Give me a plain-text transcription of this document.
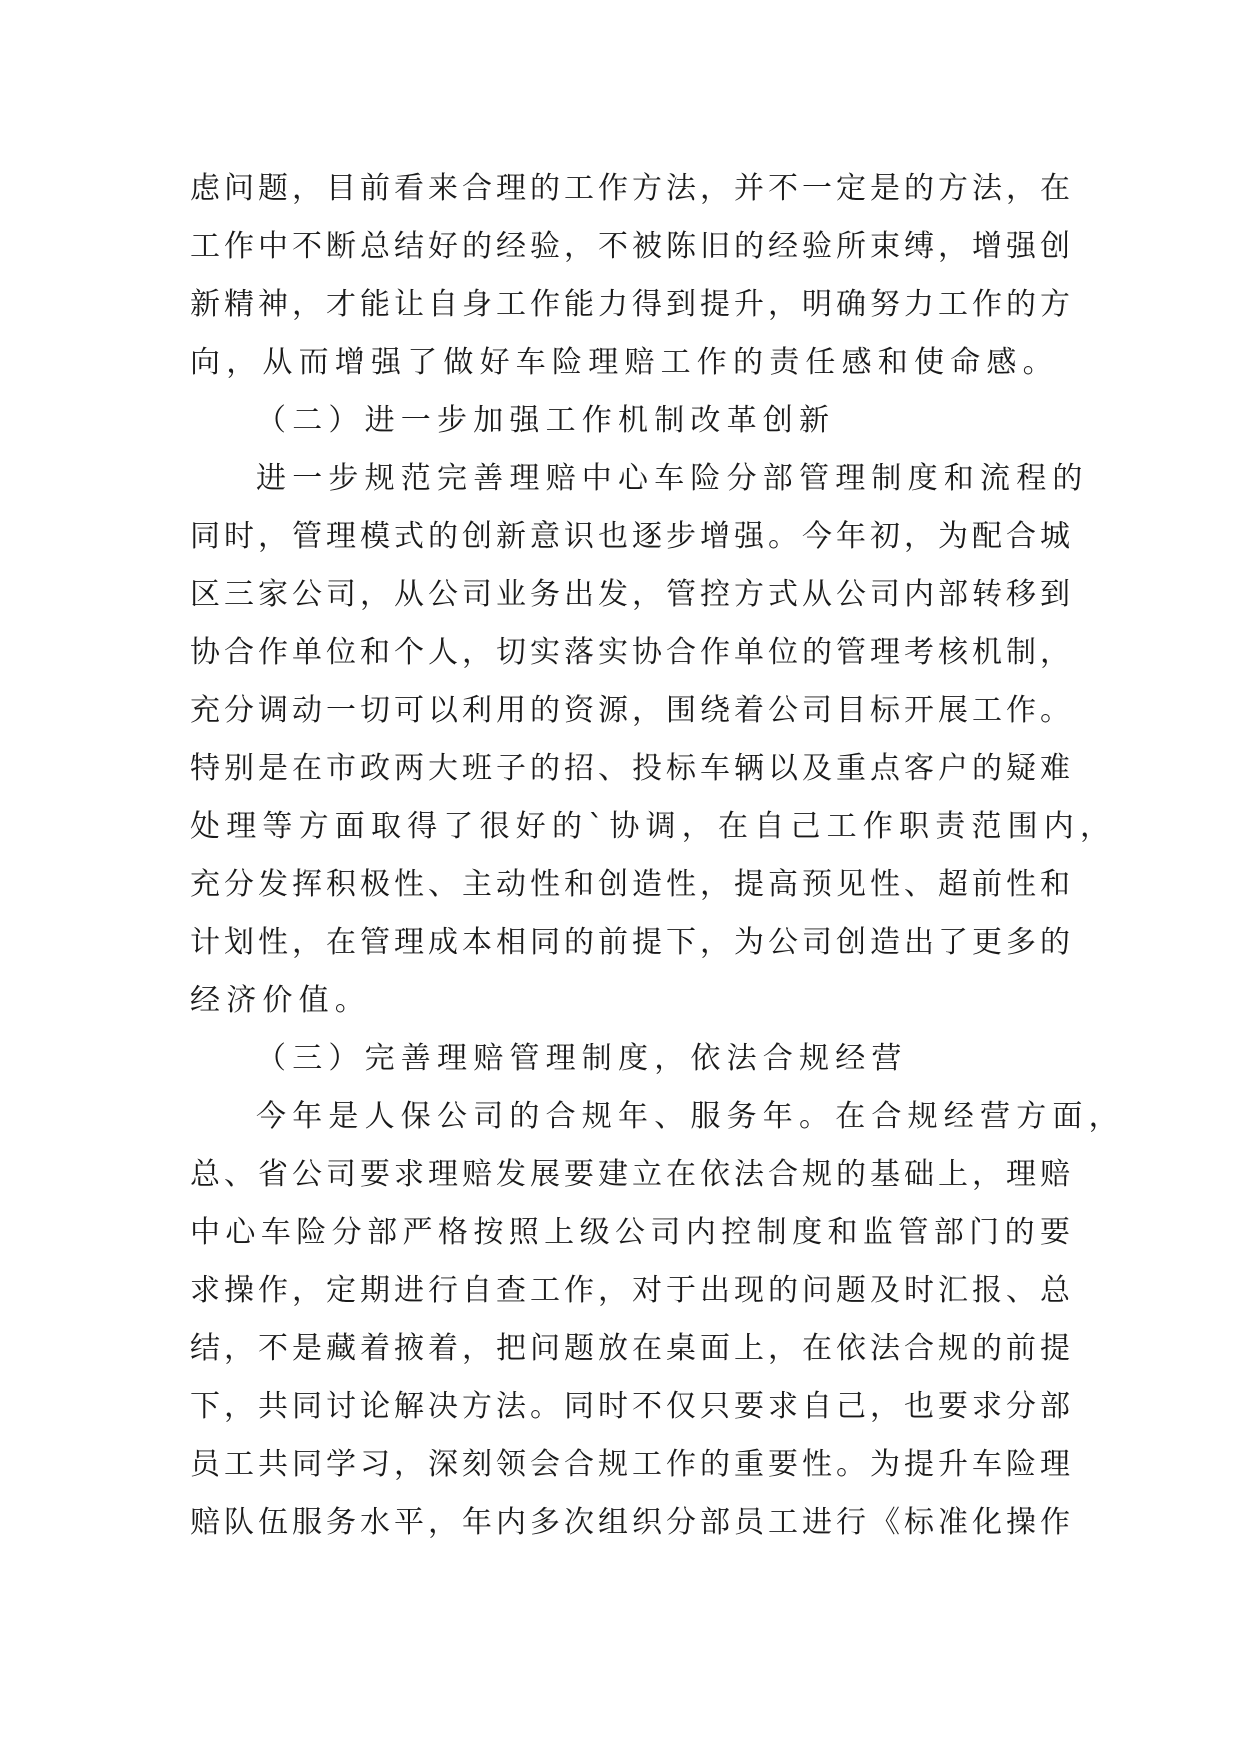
虑问题，目前看来合理的工作方法，并不一定是的方法，在
工作中不断总结好的经验，不被陈旧的经验所束缚，增强创
新精神，才能让自身工作能力得到提升，明确努力工作的方
向，从而增强了做好车险理赔工作的责任感和使命感。
（二）进一步加强工作机制改革创新
进一步规范完善理赔中心车险分部管理制度和流程的
同时，管理模式的创新意识也逐步增强。今年初，为配合城
区三家公司，从公司业务出发，管控方式从公司内部转移到
协合作单位和个人，切实落实协合作单位的管理考核机制，
充分调动一切可以利用的资源，围绕着公司目标开展工作。
特别是在市政两大班子的招、投标车辆以及重点客户的疑难
处理等方面取得了很好的`协调，在自己工作职责范围内，
充分发挥积极性、主动性和创造性，提高预见性、超前性和
计划性，在管理成本相同的前提下，为公司创造出了更多的
经济价值。
（三）完善理赔管理制度，依法合规经营
今年是人保公司的合规年、服务年。在合规经营方面，
总、省公司要求理赔发展要建立在依法合规的基础上，理赔
中心车险分部严格按照上级公司内控制度和监管部门的要
求操作，定期进行自查工作，对于出现的问题及时汇报、总
结，不是藏着掖着，把问题放在桌面上，在依法合规的前提
下，共同讨论解决方法。同时不仅只要求自己，也要求分部
员工共同学习，深刻领会合规工作的重要性。为提升车险理
赔队伍服务水平，年内多次组织分部员工进行《标准化操作
